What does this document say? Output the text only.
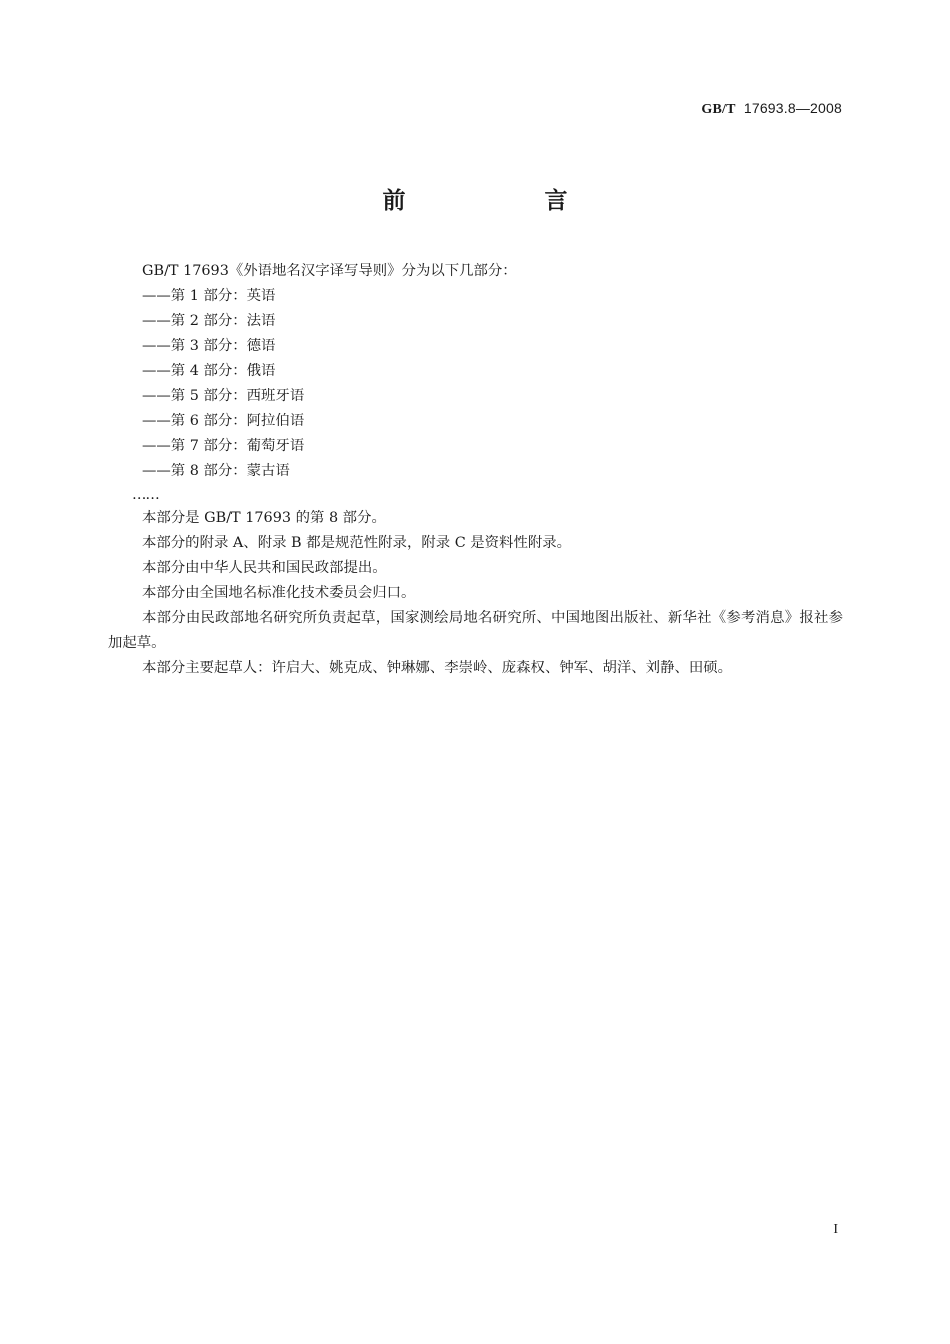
GB/T 17693.8—2008
前　言

GB/T 17693《外语地名汉字译写导则》分为以下几部分：

——第 1 部分：英语

——第 2 部分：法语

——第 3 部分：德语

——第 4 部分：俄语

——第 5 部分：西班牙语

——第 6 部分：阿拉伯语

——第 7 部分：葡萄牙语

——第 8 部分：蒙古语

……

本部分是 GB/T 17693 的第 8 部分。

本部分的附录 A、附录 B 都是规范性附录，附录 C 是资料性附录。

本部分由中华人民共和国民政部提出。

本部分由全国地名标准化技术委员会归口。

本部分由民政部地名研究所负责起草，国家测绘局地名研究所、中国地图出版社、新华社《参考消息》报社参加起草。

本部分主要起草人：许启大、姚克成、钟琳娜、李崇岭、庞森权、钟军、胡洋、刘静、田硕。

I
